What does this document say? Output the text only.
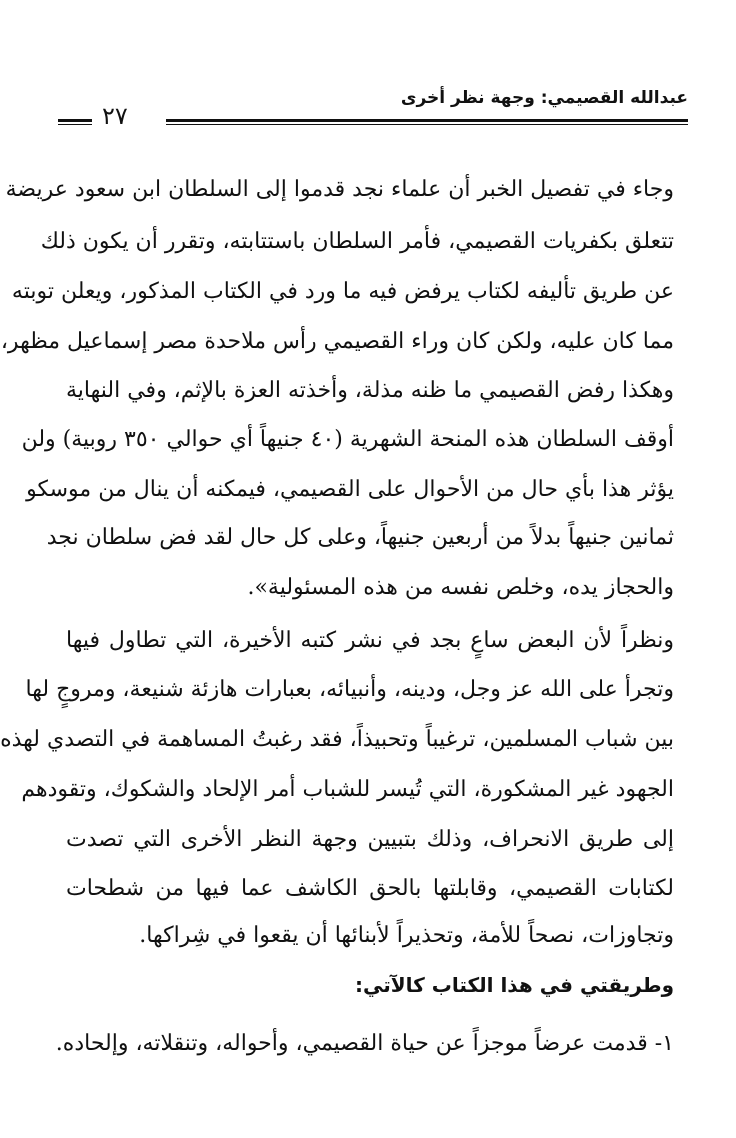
عبدالله القصيمي: وجهة نظر أخرى
٢٧
وجاء في تفصيل الخبر أن علماء نجد قدموا إلى السلطان ابن سعود عريضة
تتعلق بكفريات القصيمي، فأمر السلطان باستتابته، وتقرر أن يكون ذلك
عن طريق تأليفه لكتاب يرفض فيه ما ورد في الكتاب المذكور، ويعلن توبته
مما كان عليه، ولكن كان وراء القصيمي رأس ملاحدة مصر إسماعيل مظهر،
وهكذا رفض القصيمي ما ظنه مذلة، وأخذته العزة بالإثم، وفي النهاية
أوقف السلطان هذه المنحة الشهرية (٤٠ جنيهاً أي حوالي ٣٥٠ روبية) ولن
يؤثر هذا بأي حال من الأحوال على القصيمي، فيمكنه أن ينال من موسكو
ثمانين جنيهاً بدلاً من أربعين جنيهاً، وعلى كل حال لقد فض سلطان نجد
والحجاز يده، وخلص نفسه من هذه المسئولية».
ونظراً لأن البعض ساعٍ بجد في نشر كتبه الأخيرة، التي تطاول فيها
وتجرأ على الله عز وجل، ودينه، وأنبيائه، بعبارات هازئة شنيعة، ومروجٍ لها
بين شباب المسلمين، ترغيباً وتحبيذاً، فقد رغبتُ المساهمة في التصدي لهذه
الجهود غير المشكورة، التي تُيسر للشباب أمر الإلحاد والشكوك، وتقودهم
إلى طريق الانحراف، وذلك بتبيين وجهة النظر الأخرى التي تصدت
لكتابات القصيمي، وقابلتها بالحق الكاشف عما فيها من شطحات
وتجاوزات، نصحاً للأمة، وتحذيراً لأبنائها أن يقعوا في شِراكها.
وطريقتي في هذا الكتاب كالآتي:
١- قدمت عرضاً موجزاً عن حياة القصيمي، وأحواله، وتنقلاته، وإلحاده.
